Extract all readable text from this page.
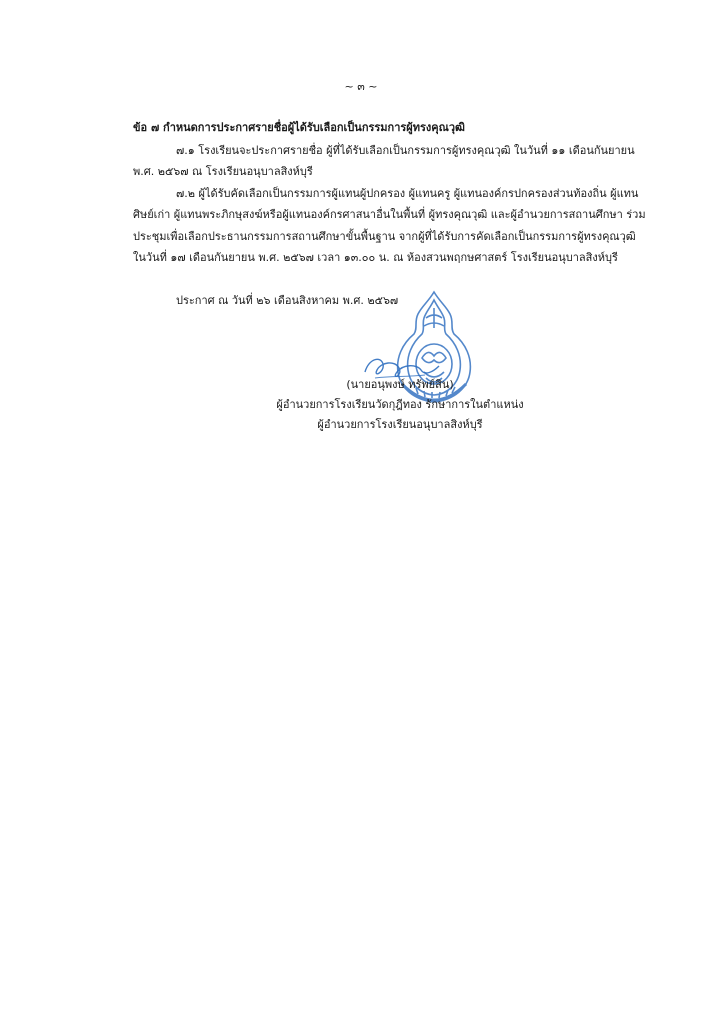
~ ๓ ~
ข้อ ๗ กำหนดการประกาศรายชื่อผู้ได้รับเลือกเป็นกรรมการผู้ทรงคุณวุฒิ
๗.๑ โรงเรียนจะประกาศรายชื่อ ผู้ที่ได้รับเลือกเป็นกรรมการผู้ทรงคุณวุฒิ ในวันที่ ๑๑ เดือนกันยายน
พ.ศ. ๒๕๖๗ ณ โรงเรียนอนุบาลสิงห์บุรี
๗.๒ ผู้ได้รับคัดเลือกเป็นกรรมการผู้แทนผู้ปกครอง ผู้แทนครู ผู้แทนองค์กรปกครองส่วนท้องถิ่น ผู้แทน
ศิษย์เก่า ผู้แทนพระภิกษุสงฆ์หรือผู้แทนองค์กรศาสนาอื่นในพื้นที่ ผู้ทรงคุณวุฒิ และผู้อำนวยการสถานศึกษา ร่วม
ประชุมเพื่อเลือกประธานกรรมการสถานศึกษาขั้นพื้นฐาน จากผู้ที่ได้รับการคัดเลือกเป็นกรรมการผู้ทรงคุณวุฒิ
ในวันที่ ๑๗ เดือนกันยายน พ.ศ. ๒๕๖๗ เวลา ๑๓.๐๐ น. ณ ห้องสวนพฤกษศาสตร์ โรงเรียนอนุบาลสิงห์บุรี
ประกาศ ณ วันที่ ๒๖ เดือนสิงหาคม พ.ศ. ๒๕๖๗
(นายอนุพงษ์ ทรัพย์สิน)
ผู้อำนวยการโรงเรียนวัดกุฎีทอง รักษาการในตำแหน่ง
ผู้อำนวยการโรงเรียนอนุบาลสิงห์บุรี
